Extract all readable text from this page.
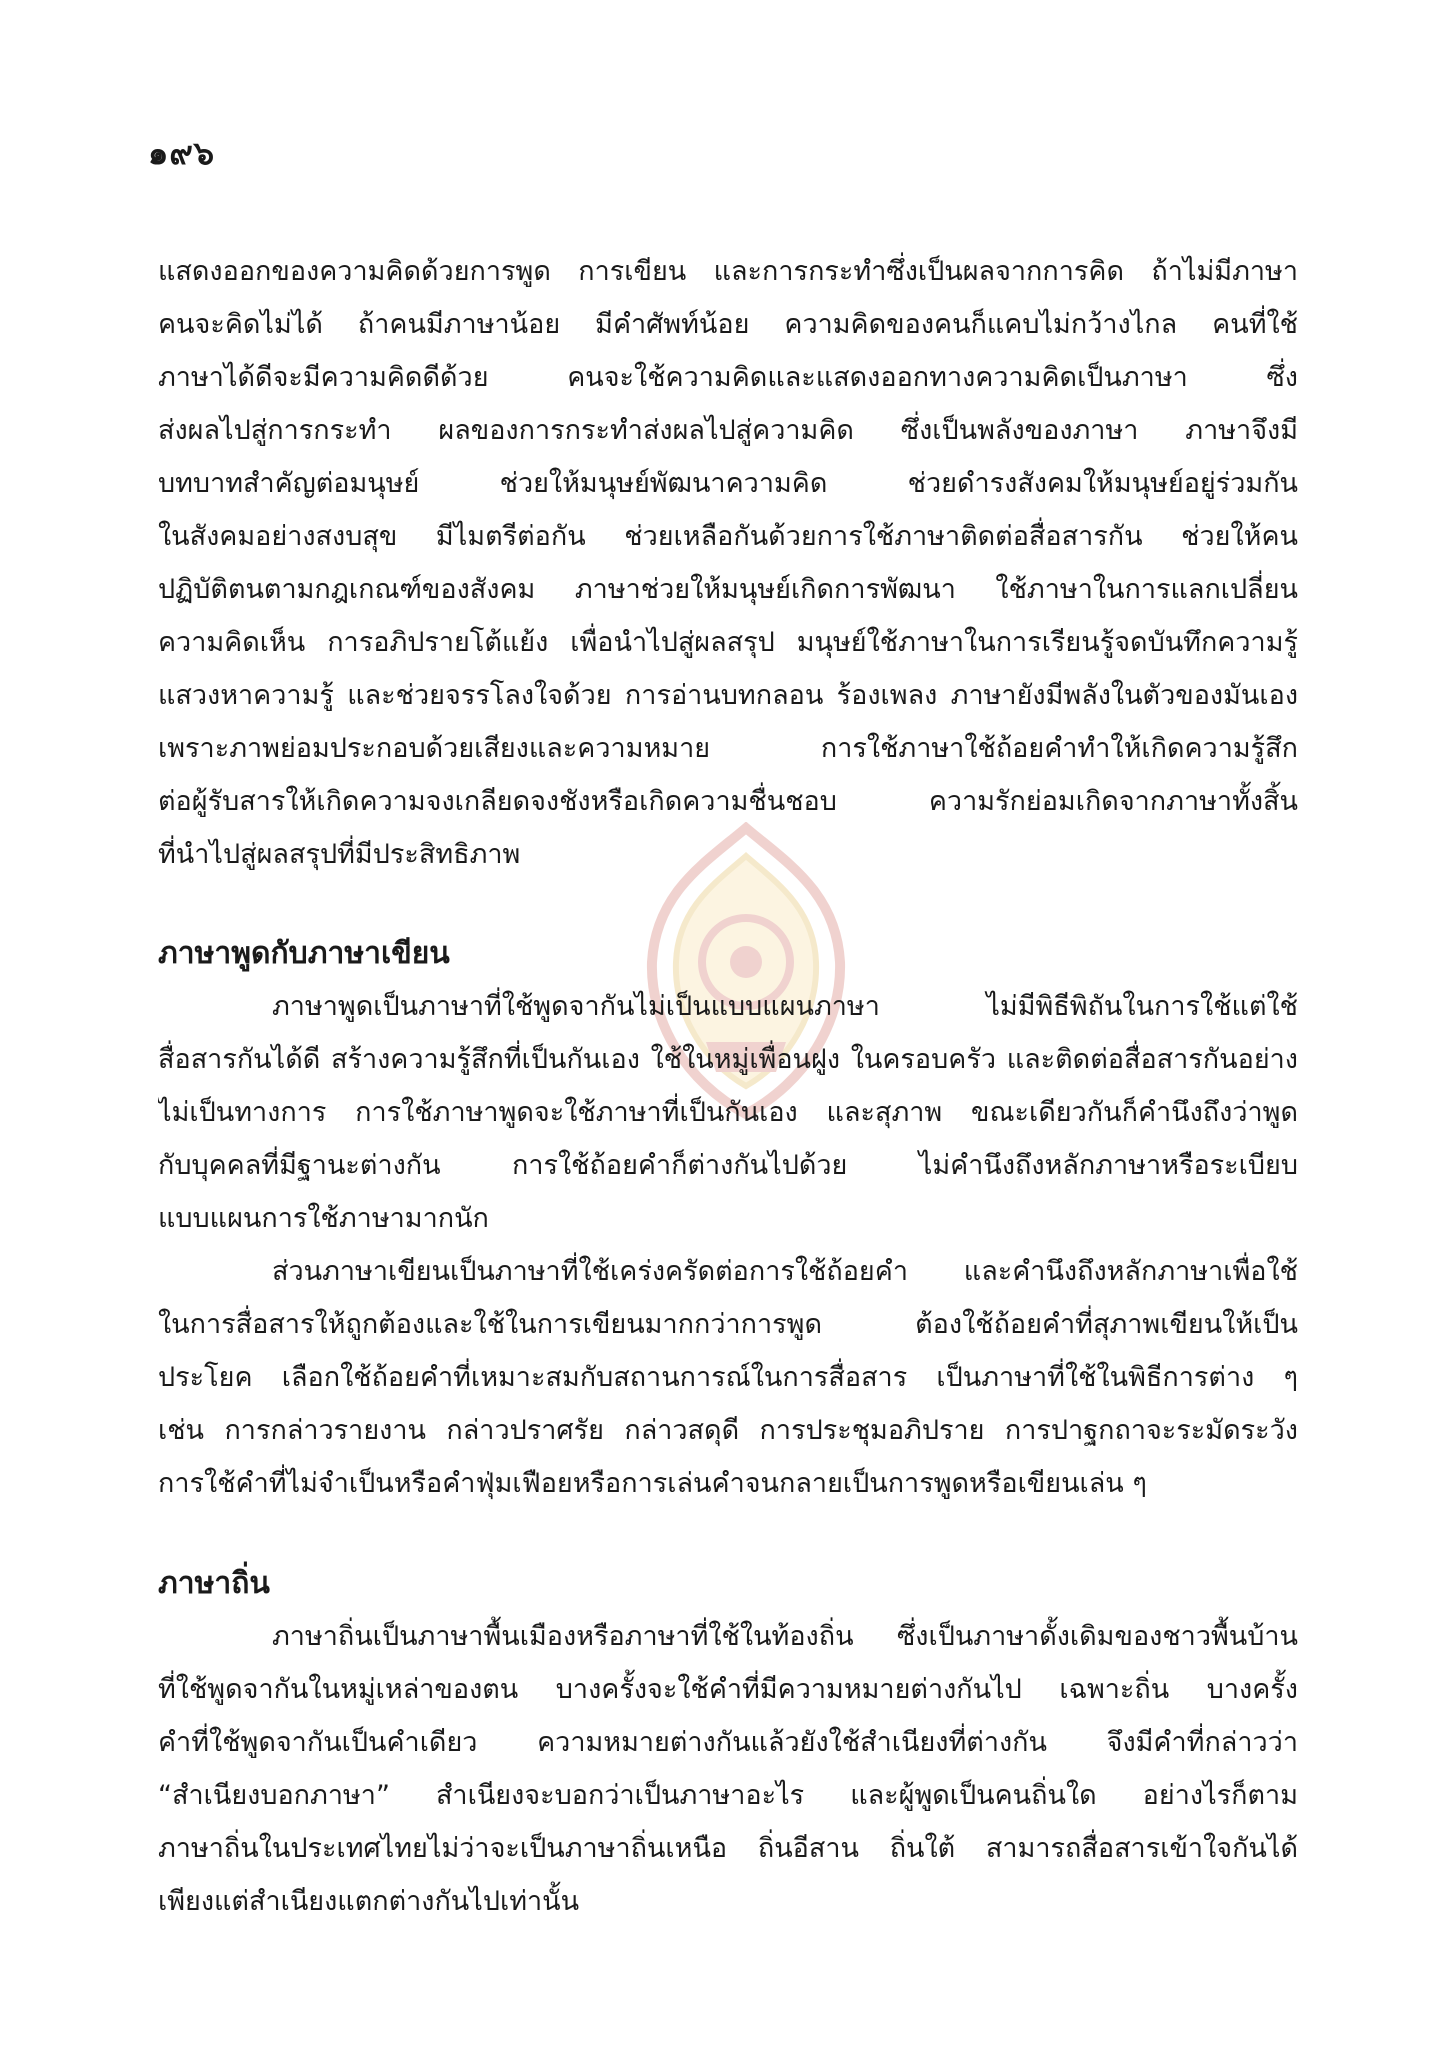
๑๙๖
แสดงออกของความคิดด้วยการพูด การเขียน และการกระทำซึ่งเป็นผลจากการคิด ถ้าไม่มีภาษา
คนจะคิดไม่ได้ ถ้าคนมีภาษาน้อย มีคำศัพท์น้อย ความคิดของคนก็แคบไม่กว้างไกล คนที่ใช้
ภาษาได้ดีจะมีความคิดดีด้วย คนจะใช้ความคิดและแสดงออกทางความคิดเป็นภาษา ซึ่ง
ส่งผลไปสู่การกระทำ ผลของการกระทำส่งผลไปสู่ความคิด ซึ่งเป็นพลังของภาษา ภาษาจึงมี
บทบาทสำคัญต่อมนุษย์ ช่วยให้มนุษย์พัฒนาความคิด ช่วยดำรงสังคมให้มนุษย์อยู่ร่วมกัน
ในสังคมอย่างสงบสุข มีไมตรีต่อกัน ช่วยเหลือกันด้วยการใช้ภาษาติดต่อสื่อสารกัน ช่วยให้คน
ปฏิบัติตนตามกฎเกณฑ์ของสังคม ภาษาช่วยให้มนุษย์เกิดการพัฒนา ใช้ภาษาในการแลกเปลี่ยน
ความคิดเห็น การอภิปรายโต้แย้ง เพื่อนำไปสู่ผลสรุป มนุษย์ใช้ภาษาในการเรียนรู้จดบันทึกความรู้
แสวงหาความรู้ และช่วยจรรโลงใจด้วย การอ่านบทกลอน ร้องเพลง ภาษายังมีพลังในตัวของมันเอง
เพราะภาพย่อมประกอบด้วยเสียงและความหมาย การใช้ภาษาใช้ถ้อยคำทำให้เกิดความรู้สึก
ต่อผู้รับสารให้เกิดความจงเกลียดจงชังหรือเกิดความชื่นชอบ ความรักย่อมเกิดจากภาษาทั้งสิ้น
ที่นำไปสู่ผลสรุปที่มีประสิทธิภาพ
ภาษาพูดกับภาษาเขียน
ภาษาพูดเป็นภาษาที่ใช้พูดจากันไม่เป็นแบบแผนภาษา ไม่มีพิธีพิถันในการใช้แต่ใช้
สื่อสารกันได้ดี สร้างความรู้สึกที่เป็นกันเอง ใช้ในหมู่เพื่อนฝูง ในครอบครัว และติดต่อสื่อสารกันอย่าง
ไม่เป็นทางการ การใช้ภาษาพูดจะใช้ภาษาที่เป็นกันเอง และสุภาพ ขณะเดียวกันก็คำนึงถึงว่าพูด
กับบุคคลที่มีฐานะต่างกัน การใช้ถ้อยคำก็ต่างกันไปด้วย ไม่คำนึงถึงหลักภาษาหรือระเบียบ
แบบแผนการใช้ภาษามากนัก
ส่วนภาษาเขียนเป็นภาษาที่ใช้เคร่งครัดต่อการใช้ถ้อยคำ และคำนึงถึงหลักภาษาเพื่อใช้
ในการสื่อสารให้ถูกต้องและใช้ในการเขียนมากกว่าการพูด ต้องใช้ถ้อยคำที่สุภาพเขียนให้เป็น
ประโยค เลือกใช้ถ้อยคำที่เหมาะสมกับสถานการณ์ในการสื่อสาร เป็นภาษาที่ใช้ในพิธีการต่าง ๆ
เช่น การกล่าวรายงาน กล่าวปราศรัย กล่าวสดุดี การประชุมอภิปราย การปาฐกถาจะระมัดระวัง
การใช้คำที่ไม่จำเป็นหรือคำฟุ่มเฟือยหรือการเล่นคำจนกลายเป็นการพูดหรือเขียนเล่น ๆ
ภาษาถิ่น
ภาษาถิ่นเป็นภาษาพื้นเมืองหรือภาษาที่ใช้ในท้องถิ่น ซึ่งเป็นภาษาดั้งเดิมของชาวพื้นบ้าน
ที่ใช้พูดจากันในหมู่เหล่าของตน บางครั้งจะใช้คำที่มีความหมายต่างกันไป เฉพาะถิ่น บางครั้ง
คำที่ใช้พูดจากันเป็นคำเดียว ความหมายต่างกันแล้วยังใช้สำเนียงที่ต่างกัน จึงมีคำที่กล่าวว่า
“สำเนียงบอกภาษา” สำเนียงจะบอกว่าเป็นภาษาอะไร และผู้พูดเป็นคนถิ่นใด อย่างไรก็ตาม
ภาษาถิ่นในประเทศไทยไม่ว่าจะเป็นภาษาถิ่นเหนือ ถิ่นอีสาน ถิ่นใต้ สามารถสื่อสารเข้าใจกันได้
เพียงแต่สำเนียงแตกต่างกันไปเท่านั้น
